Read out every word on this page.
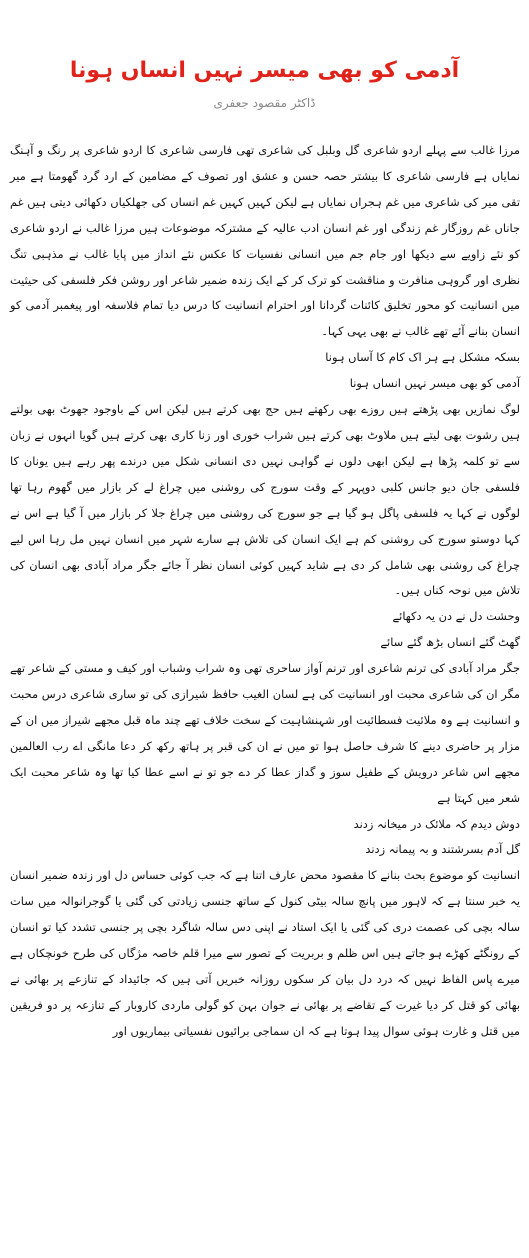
آدمی کو بھی میسر نہیں انساں ہونا
ڈاکٹر مقصود جعفری

مرزا غالب سے پہلے اردو شاعری گل وبلبل کی شاعری تھی فارسی شاعری کا اردو شاعری پر رنگ و آہنگ نمایاں ہے فارسی شاعری کا بیشتر حصہ حسن و عشق اور تصوف کے مضامین کے ارد گرد گھومتا ہے میر تقی میر کی شاعری میں غم ہجراں نمایاں ہے لیکن کہیں کہیں غم انساں کی جھلکیاں دکھائی دیتی ہیں غم جاناں غم روزگار غم زندگی اور غم انسان ادب عالیہ کے مشترکہ موضوعات ہیں مرزا غالب نے اردو شاعری کو نئے زاویے سے دیکھا اور جام جم میں انسانی نفسیات کا عکس نئے انداز میں پایا غالب نے مذہبی تنگ نظری اور گروہی منافرت و مناقشت کو ترک کر کے ایک زندہ ضمیر شاعر اور روشن فکر فلسفی کی حیثیت میں انسانیت کو محور تخلیق کائنات گردانا اور احترام انسانیت کا درس دیا تمام فلاسفہ اور پیغمبر آدمی کو انسان بنانے آئے تھے غالب نے بھی یہی کہا۔

بسکہ مشکل ہے ہر اک کام کا آساں ہونا
آدمی کو بھی میسر نہیں انساں ہونا

لوگ نمازیں بھی پڑھتے ہیں روزے بھی رکھتے ہیں حج بھی کرتے ہیں لیکن اس کے باوجود جھوٹ بھی بولتے ہیں رشوت بھی لیتے ہیں ملاوٹ بھی کرتے ہیں شراب خوری اور زنا کاری بھی کرتے ہیں گویا انہوں نے زبان سے تو کلمہ پڑھا ہے لیکن ابھی دلوں نے گواہی نہیں دی انسانی شکل میں درندے پھر رہے ہیں یونان کا فلسفی جان دیو جانس کلبی دوپہر کے وقت سورج کی روشنی میں چراغ لے کر بازار میں گھوم رہا تھا لوگوں نے کہا یہ فلسفی پاگل ہو گیا ہے جو سورج کی روشنی میں چراغ جلا کر بازار میں آ گیا ہے اس نے کہا دوستو سورج کی روشنی کم ہے ایک انسان کی تلاش ہے سارے شہر میں انسان نہیں مل رہا اس لیے چراغ کی روشنی بھی شامل کر دی ہے شاید کہیں کوئی انسان نظر آ جائے جگر مراد آبادی بھی انسان کی تلاش میں نوحہ کناں ہیں۔

وحشت دل نے دن یہ دکھائے
گھٹ گئے انساں بڑھ گئے سائے

جگر مراد آبادی کی ترنم شاعری اور ترنم آواز ساحری تھی وہ شراب وشباب اور کیف و مستی کے شاعر تھے مگر ان کی شاعری محبت اور انسانیت کی ہے لسان الغیب حافظ شیرازی کی تو ساری شاعری درس محبت و انسانیت ہے وہ ملائیت فسطائیت اور شہنشاہیت کے سخت خلاف تھے چند ماہ قبل مجھے شیراز میں ان کے مزار پر حاضری دینے کا شرف حاصل ہوا تو میں نے ان کی قبر پر ہاتھ رکھ کر دعا مانگی اے رب العالمین مجھے اس شاعر درویش کے طفیل سوز و گداز عطا کر دے جو تو نے اسے عطا کیا تھا وہ شاعر محبت ایک شعر میں کہتا ہے

دوش دیدم کہ ملائک در میخانہ زدند
گل آدم بسرشتند و بہ پیمانہ زدند

انسانیت کو موضوع بحث بنانے کا مقصود محض عارف اتنا ہے کہ جب کوئی حساس دل اور زندہ ضمیر انسان یہ خبر سنتا ہے کہ لاہور میں پانچ سالہ بیٹی کنول کے ساتھ جنسی زیادتی کی گئی یا گوجرانوالہ میں سات سالہ بچی کی عصمت دری کی گئی یا ایک استاد نے اپنی دس سالہ شاگرد بچی پر جنسی تشدد کیا تو انسان کے رونگٹے کھڑے ہو جاتے ہیں اس ظلم و بربریت کے تصور سے میرا قلم خاصہ مژگاں کی طرح خونچکاں ہے میرے پاس الفاظ نہیں کہ درد دل بیان کر سکوں روزانہ خبریں آتی ہیں کہ جائیداد کے تنازعے پر بھائی نے بھائی کو قتل کر دیا غیرت کے تقاضے پر بھائی نے جوان بہن کو گولی ماردی کاروبار کے تنازعہ پر دو فریقین میں قتل و غارت ہوئی سوال پیدا ہوتا ہے کہ ان سماجی برائیوں نفسیاتی بیماریوں اور
